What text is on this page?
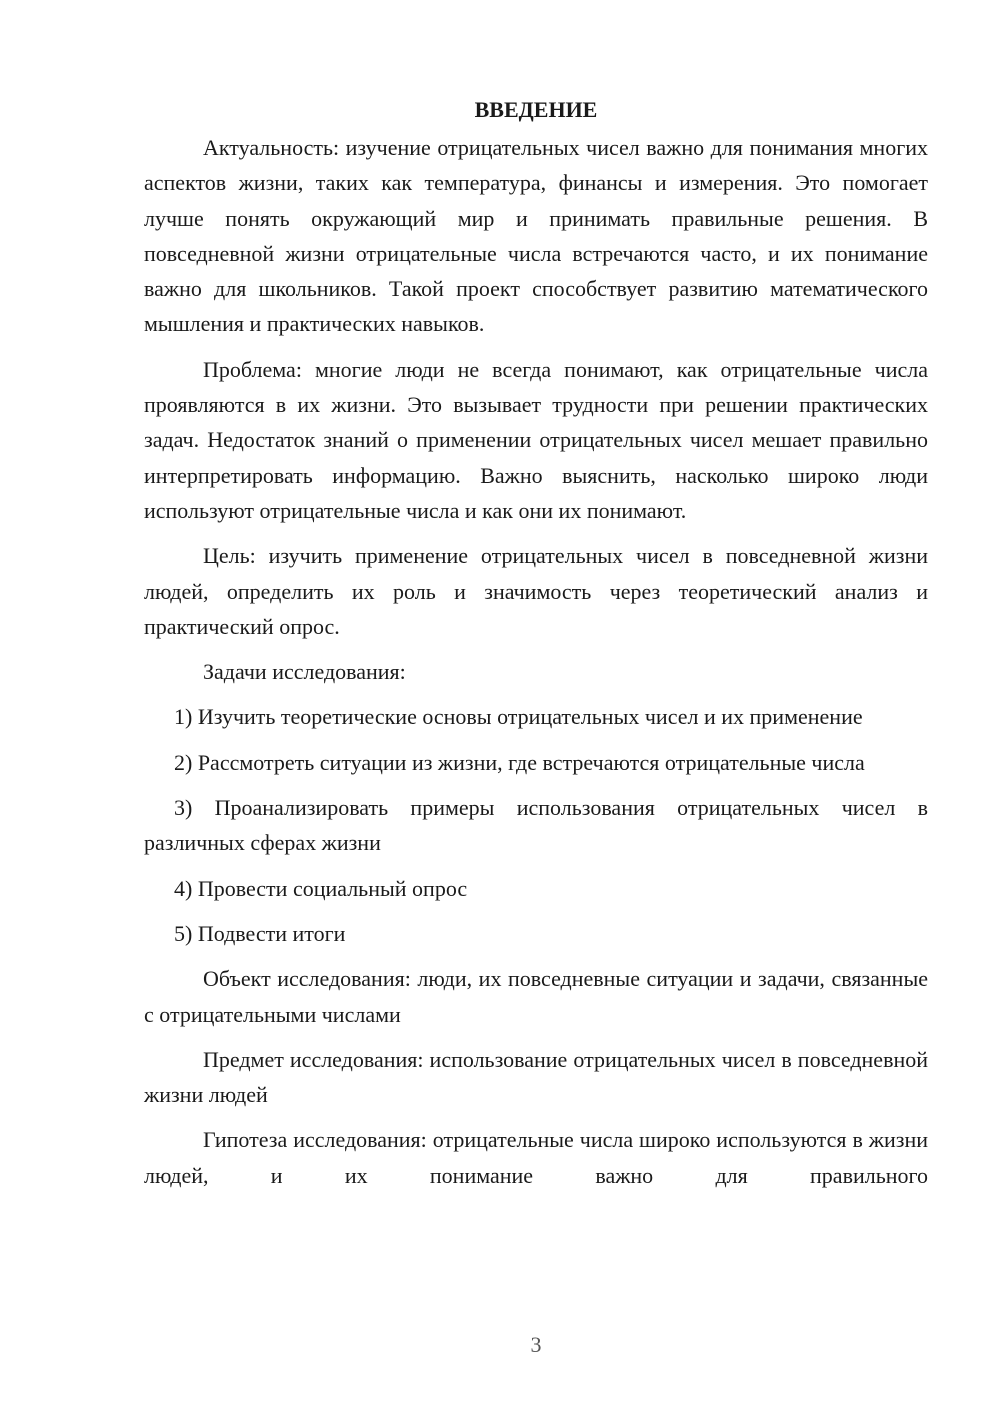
ВВЕДЕНИЕ

Актуальность: изучение отрицательных чисел важно для понимания многих аспектов жизни, таких как температура, финансы и измерения. Это помогает лучше понять окружающий мир и принимать правильные решения. В повседневной жизни отрицательные числа встречаются часто, и их понимание важно для школьников. Такой проект способствует развитию математического мышления и практических навыков.

Проблема: многие люди не всегда понимают, как отрицательные числа проявляются в их жизни. Это вызывает трудности при решении практических задач. Недостаток знаний о применении отрицательных чисел мешает правильно интерпретировать информацию. Важно выяснить, насколько широко люди используют отрицательные числа и как они их понимают.

Цель: изучить применение отрицательных чисел в повседневной жизни людей, определить их роль и значимость через теоретический анализ и практический опрос.

Задачи исследования:

1) Изучить теоретические основы отрицательных чисел и их применение

2) Рассмотреть ситуации из жизни, где встречаются отрицательные числа

3) Проанализировать примеры использования отрицательных чисел в различных сферах жизни

4) Провести социальный опрос

5) Подвести итоги

Объект исследования: люди, их повседневные ситуации и задачи, связанные с отрицательными числами

Предмет исследования: использование отрицательных чисел в повседневной жизни людей

Гипотеза исследования: отрицательные числа широко используются в жизни людей, и их понимание важно для правильного

3
